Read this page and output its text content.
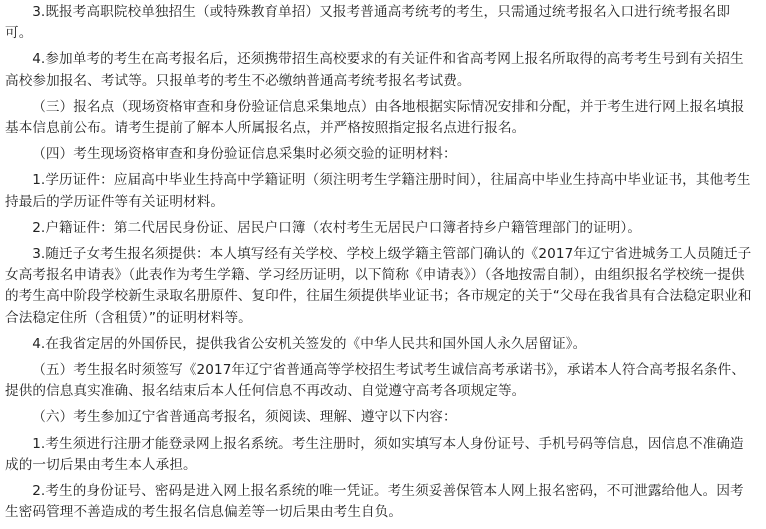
3.既报考高职院校单独招生（或特殊教育单招）又报考普通高考统考的考生，只需通过统考报名入口进行统考报名即可。

4.参加单考的考生在高考报名后，还须携带招生高校要求的有关证件和省高考网上报名所取得的高考考生号到有关招生高校参加报名、考试等。只报单考的考生不必缴纳普通高考统考报名考试费。

（三）报名点（现场资格审查和身份验证信息采集地点）由各地根据实际情况安排和分配，并于考生进行网上报名填报基本信息前公布。请考生提前了解本人所属报名点，并严格按照指定报名点进行报名。

（四）考生现场资格审查和身份验证信息采集时必须交验的证明材料：

1.学历证件：应届高中毕业生持高中学籍证明（须注明考生学籍注册时间），往届高中毕业生持高中毕业证书，其他考生持最后的学历证件等有关证明材料。

2.户籍证件：第二代居民身份证、居民户口簿（农村考生无居民户口簿者持乡户籍管理部门的证明）。

3.随迁子女考生报名须提供：本人填写经有关学校、学校上级学籍主管部门确认的《2017年辽宁省进城务工人员随迁子女高考报名申请表》（此表作为考生学籍、学习经历证明，以下简称《申请表》）（各地按需自制），由组织报名学校统一提供的考生高中阶段学校新生录取名册原件、复印件，往届生须提供毕业证书；各市规定的关于“父母在我省具有合法稳定职业和合法稳定住所（含租赁）”的证明材料等。

4.在我省定居的外国侨民，提供我省公安机关签发的《中华人民共和国外国人永久居留证》。

（五）考生报名时须签写《2017年辽宁省普通高等学校招生考试考生诚信高考承诺书》，承诺本人符合高考报名条件、提供的信息真实准确、报名结束后本人任何信息不再改动、自觉遵守高考各项规定等。

（六）考生参加辽宁省普通高考报名，须阅读、理解、遵守以下内容：

1.考生须进行注册才能登录网上报名系统。考生注册时，须如实填写本人身份证号、手机号码等信息，因信息不准确造成的一切后果由考生本人承担。

2.考生的身份证号、密码是进入网上报名系统的唯一凭证。考生须妥善保管本人网上报名密码，不可泄露给他人。因考生密码管理不善造成的考生报名信息偏差等一切后果由考生自负。
